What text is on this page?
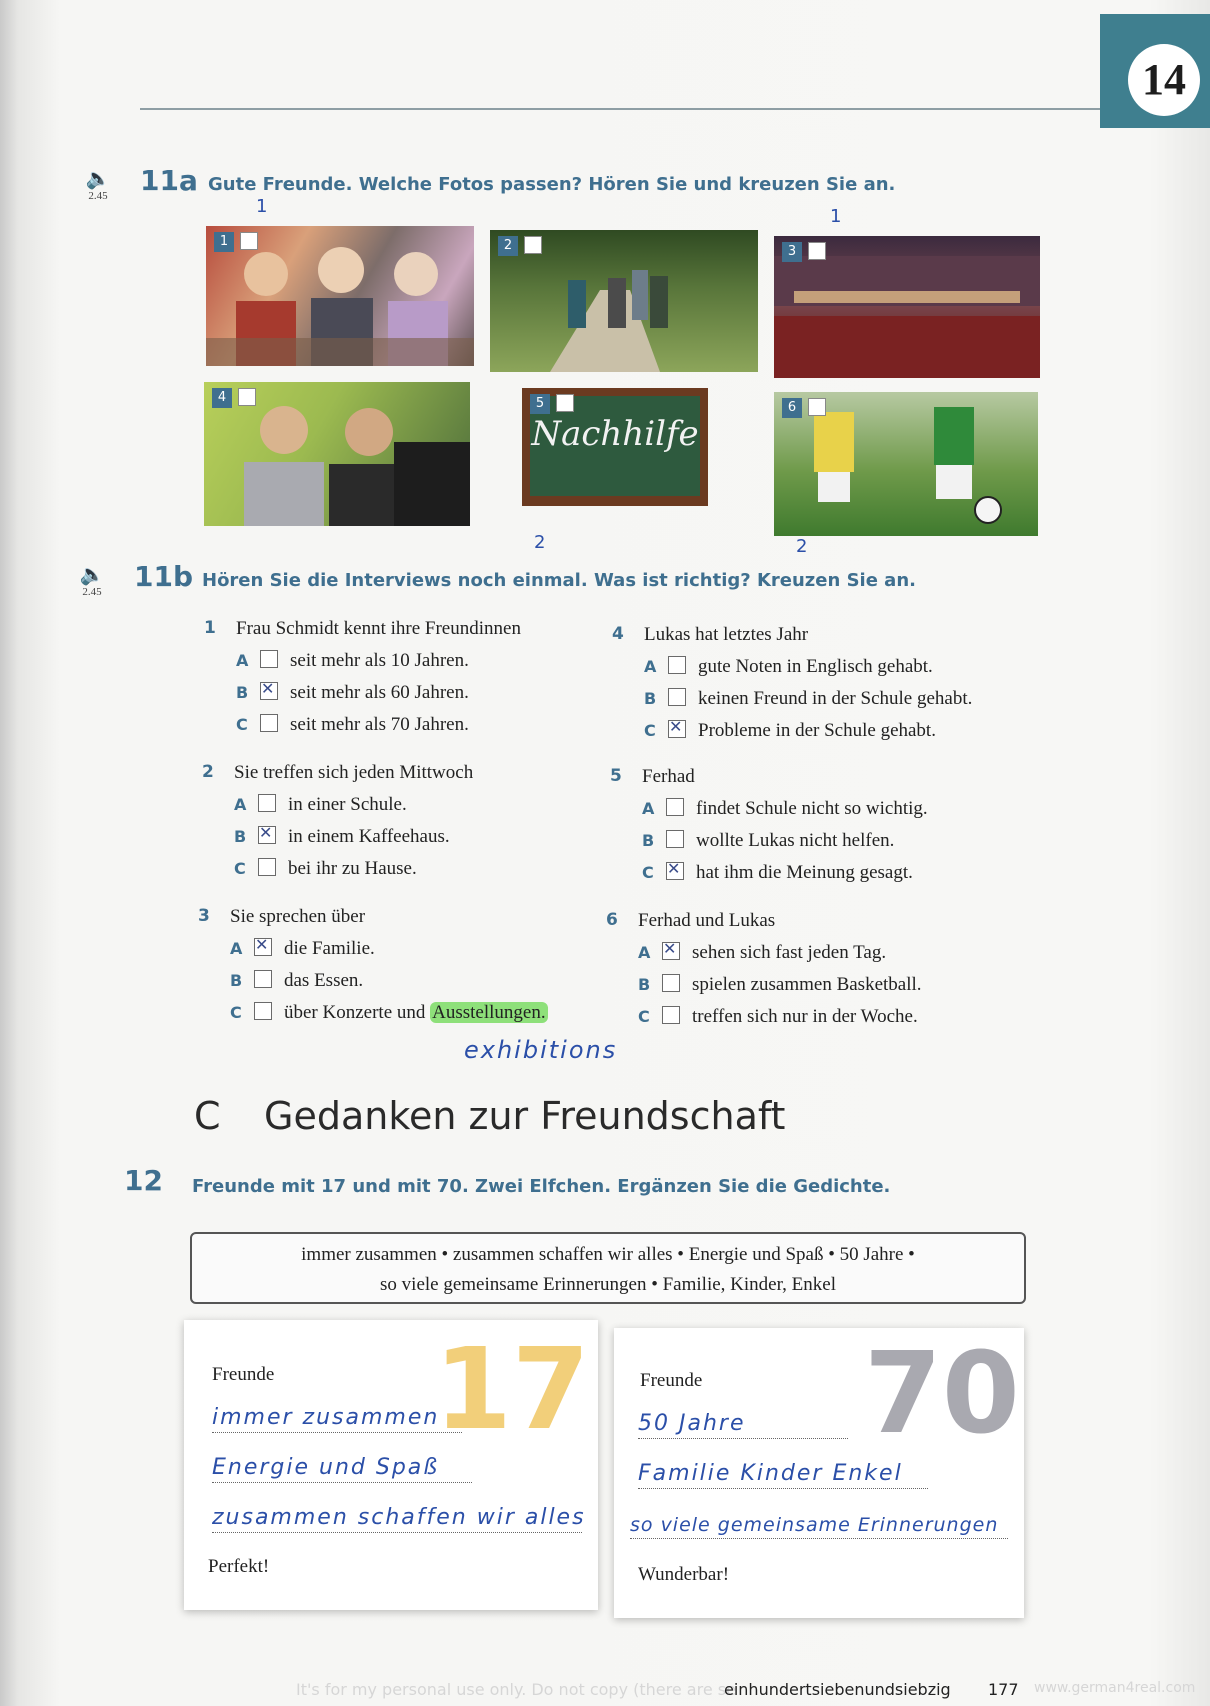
14
🔈
2.45	11a Gute Freunde. Welche Fotos passen? Hören Sie und kreuzen Sie an.
1	1
1	2	3
4
Nachhilfe
5	6
2	2
🔈
2.45	11b Hören Sie die Interviews noch einmal. Was ist richtig? Kreuzen Sie an.
1 Frau Schmidt kennt ihre Freundinnen
A seit mehr als 10 Jahren.
B ✕ seit mehr als 60 Jahren.
C seit mehr als 70 Jahren.
2 Sie treffen sich jeden Mittwoch
A in einer Schule.
B ✕ in einem Kaffeehaus.
C bei ihr zu Hause.
3 Sie sprechen über
A ✕ die Familie.
B das Essen.
C über Konzerte und Ausstellungen.
exhibitions
4 Lukas hat letztes Jahr
A gute Noten in Englisch gehabt.
B keinen Freund in der Schule gehabt.
C ✕ Probleme in der Schule gehabt.
5 Ferhad
A findet Schule nicht so wichtig.
B wollte Lukas nicht helfen.
C ✕ hat ihm die Meinung gesagt.
6 Ferhad und Lukas
A ✕ sehen sich fast jeden Tag.
B spielen zusammen Basketball.
C treffen sich nur in der Woche.
C Gedanken zur Freundschaft
12 Freunde mit 17 und mit 70. Zwei Elfchen. Ergänzen Sie die Gedichte.
immer zusammen • zusammen schaffen wir alles • Energie und Spaß • 50 Jahre •
so viele gemeinsame Erinnerungen • Familie, Kinder, Enkel
17
Freunde
immer zusammen
Energie und Spaß
zusammen schaffen wir alles
Perfekt!
70
Freunde
50 Jahre
Familie Kinder Enkel
so viele gemeinsame Erinnerungen
Wunderbar!
It's for my personal use only. Do not copy (there are se
einhundertsiebenundsiebzig 177 www.german4real.com
